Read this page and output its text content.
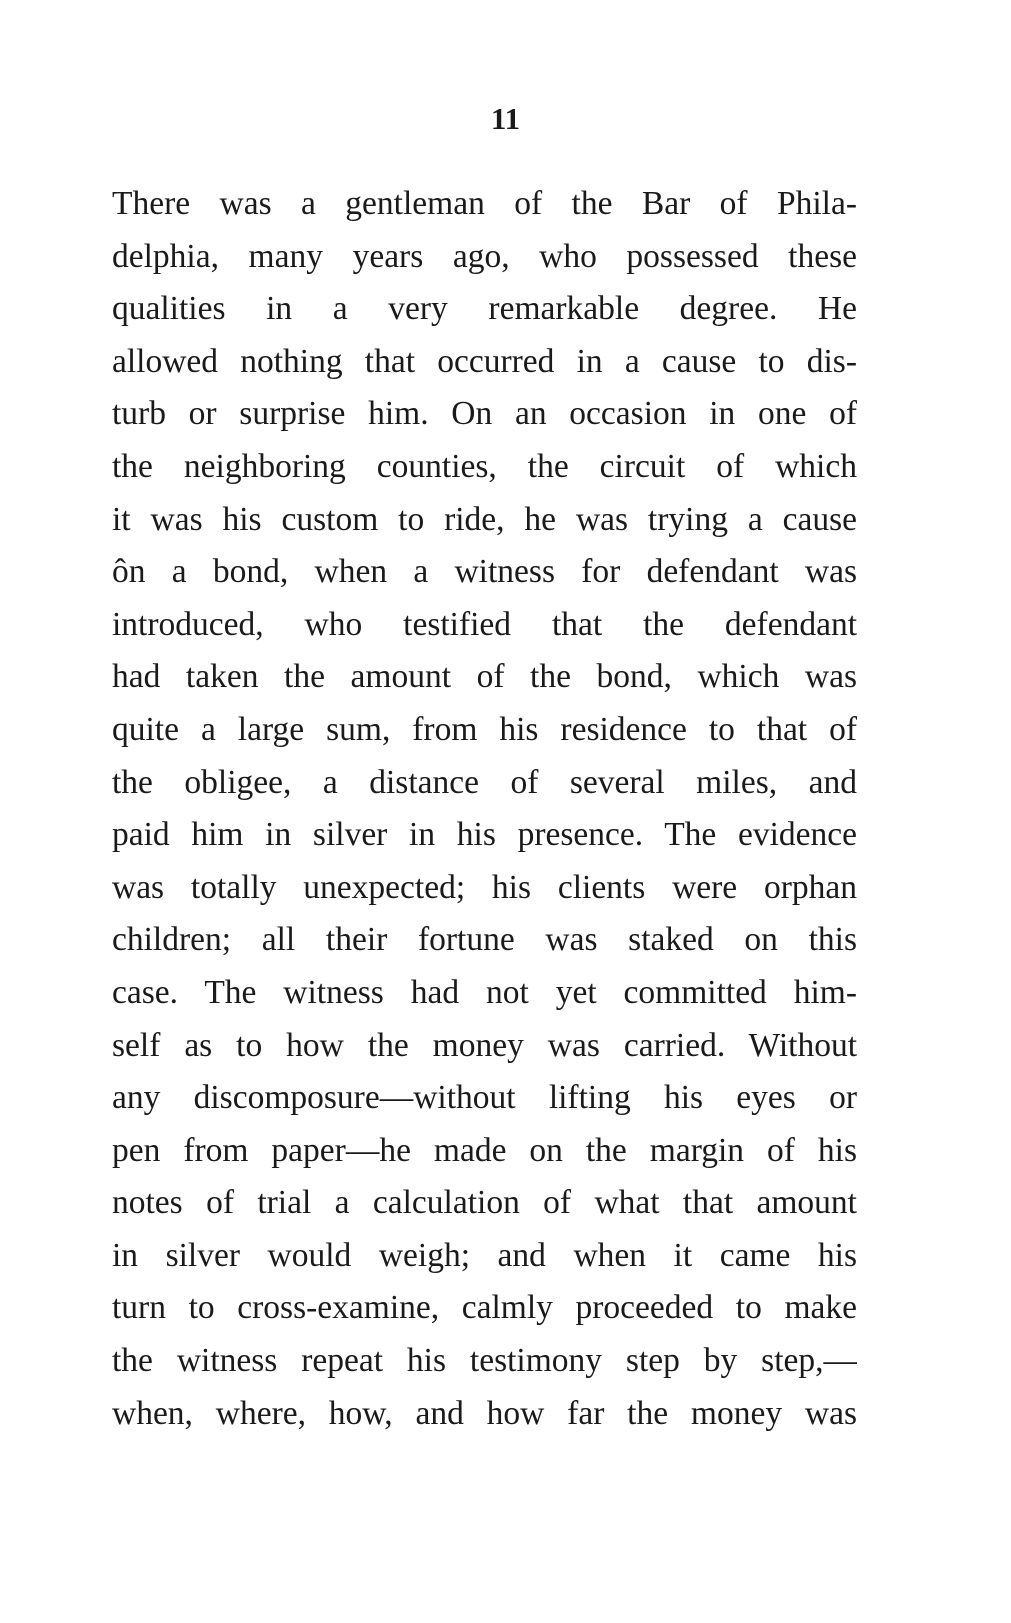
11
There was a gentleman of the Bar of Phila-
delphia, many years ago, who possessed these
qualities in a very remarkable degree. He
allowed nothing that occurred in a cause to dis-
turb or surprise him. On an occasion in one of
the neighboring counties, the circuit of which
it was his custom to ride, he was trying a cause
ôn a bond, when a witness for defendant was
introduced, who testified that the defendant
had taken the amount of the bond, which was
quite a large sum, from his residence to that of
the obligee, a distance of several miles, and
paid him in silver in his presence. The evidence
was totally unexpected; his clients were orphan
children; all their fortune was staked on this
case. The witness had not yet committed him-
self as to how the money was carried. Without
any discomposure—without lifting his eyes or
pen from paper—he made on the margin of his
notes of trial a calculation of what that amount
in silver would weigh; and when it came his
turn to cross-examine, calmly proceeded to make
the witness repeat his testimony step by step,—
when, where, how, and how far the money was
